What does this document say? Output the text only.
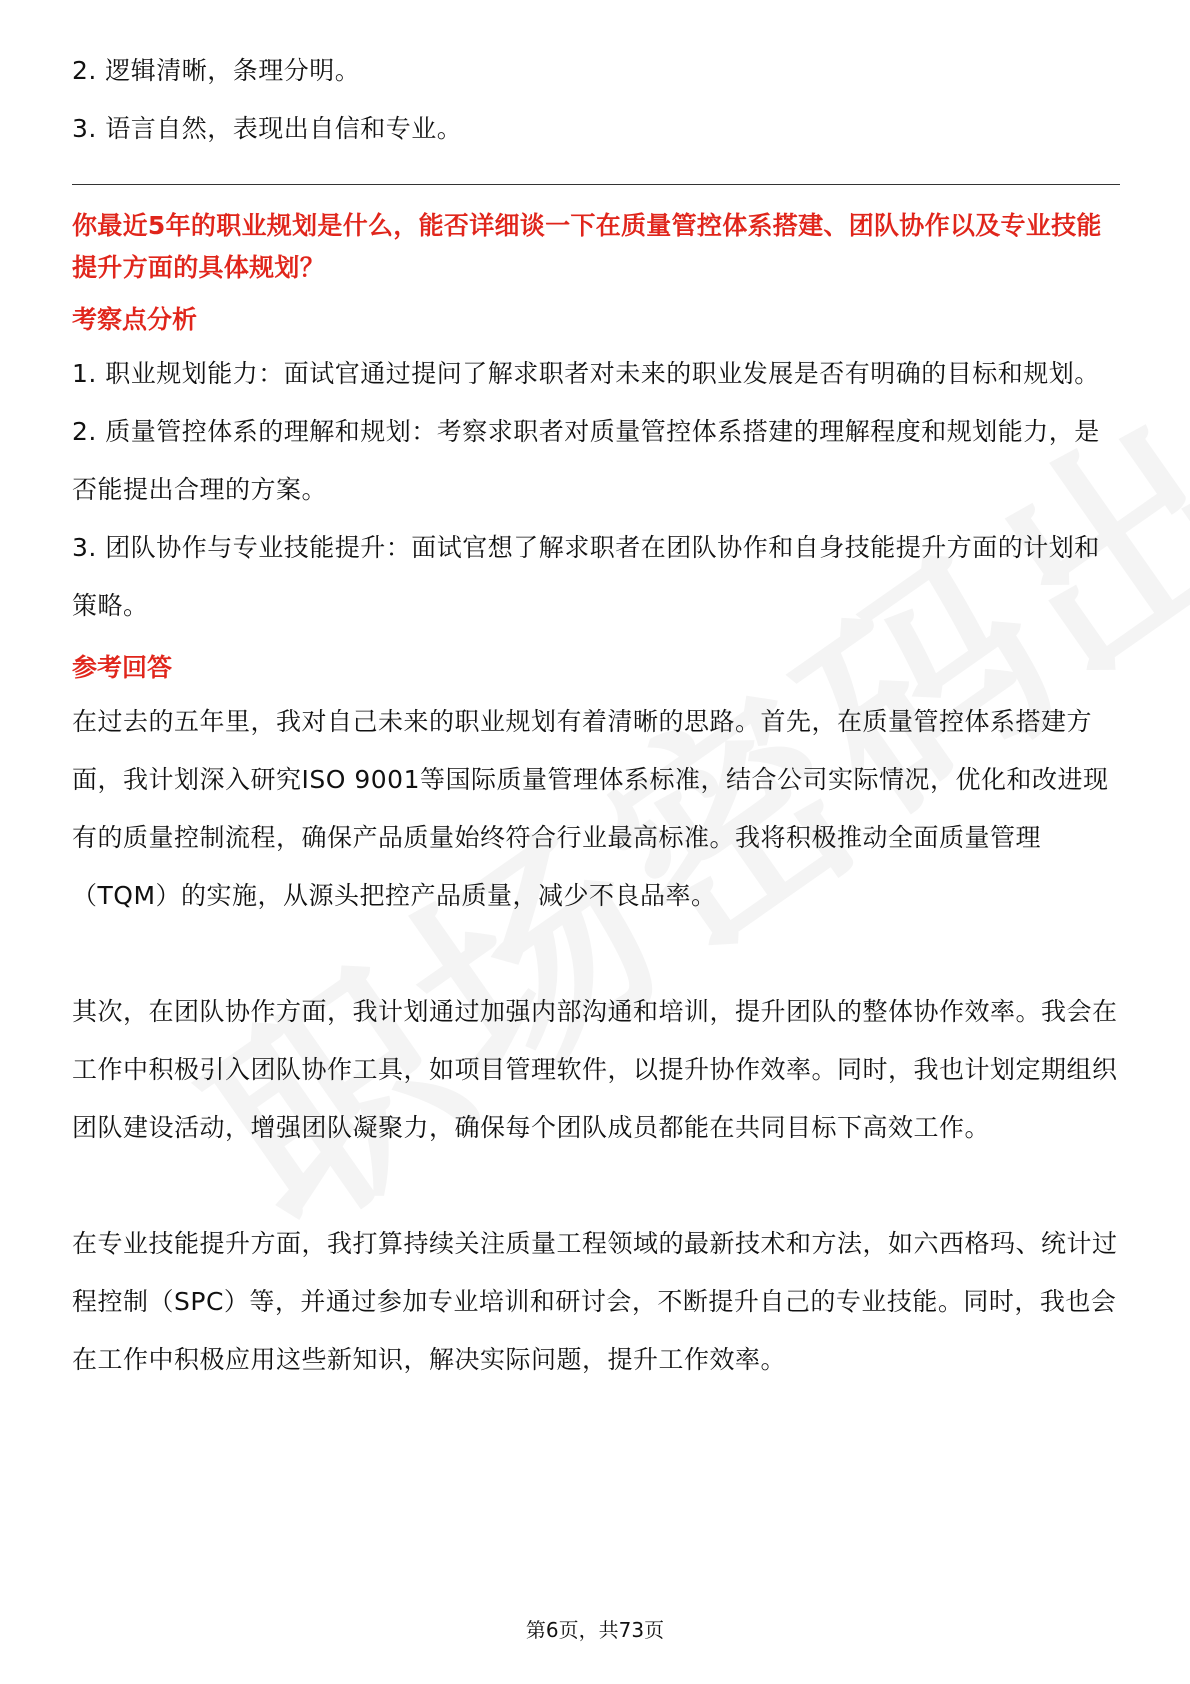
2. 逻辑清晰，条理分明。

3. 语言自然，表现出自信和专业。

你最近5年的职业规划是什么，能否详细谈一下在质量管控体系搭建、团队协作以及专业技能提升方面的具体规划？

考察点分析

1. 职业规划能力：面试官通过提问了解求职者对未来的职业发展是否有明确的目标和规划。

2. 质量管控体系的理解和规划：考察求职者对质量管控体系搭建的理解程度和规划能力，是否能提出合理的方案。

3. 团队协作与专业技能提升：面试官想了解求职者在团队协作和自身技能提升方面的计划和策略。

参考回答

在过去的五年里，我对自己未来的职业规划有着清晰的思路。首先，在质量管控体系搭建方面，我计划深入研究ISO 9001等国际质量管理体系标准，结合公司实际情况，优化和改进现有的质量控制流程，确保产品质量始终符合行业最高标准。我将积极推动全面质量管理（TQM）的实施，从源头把控产品质量，减少不良品率。

其次，在团队协作方面，我计划通过加强内部沟通和培训，提升团队的整体协作效率。我会在工作中积极引入团队协作工具，如项目管理软件，以提升协作效率。同时，我也计划定期组织团队建设活动，增强团队凝聚力，确保每个团队成员都能在共同目标下高效工作。

在专业技能提升方面，我打算持续关注质量工程领域的最新技术和方法，如六西格玛、统计过程控制（SPC）等，并通过参加专业培训和研讨会，不断提升自己的专业技能。同时，我也会在工作中积极应用这些新知识，解决实际问题，提升工作效率。

第6页，共73页
